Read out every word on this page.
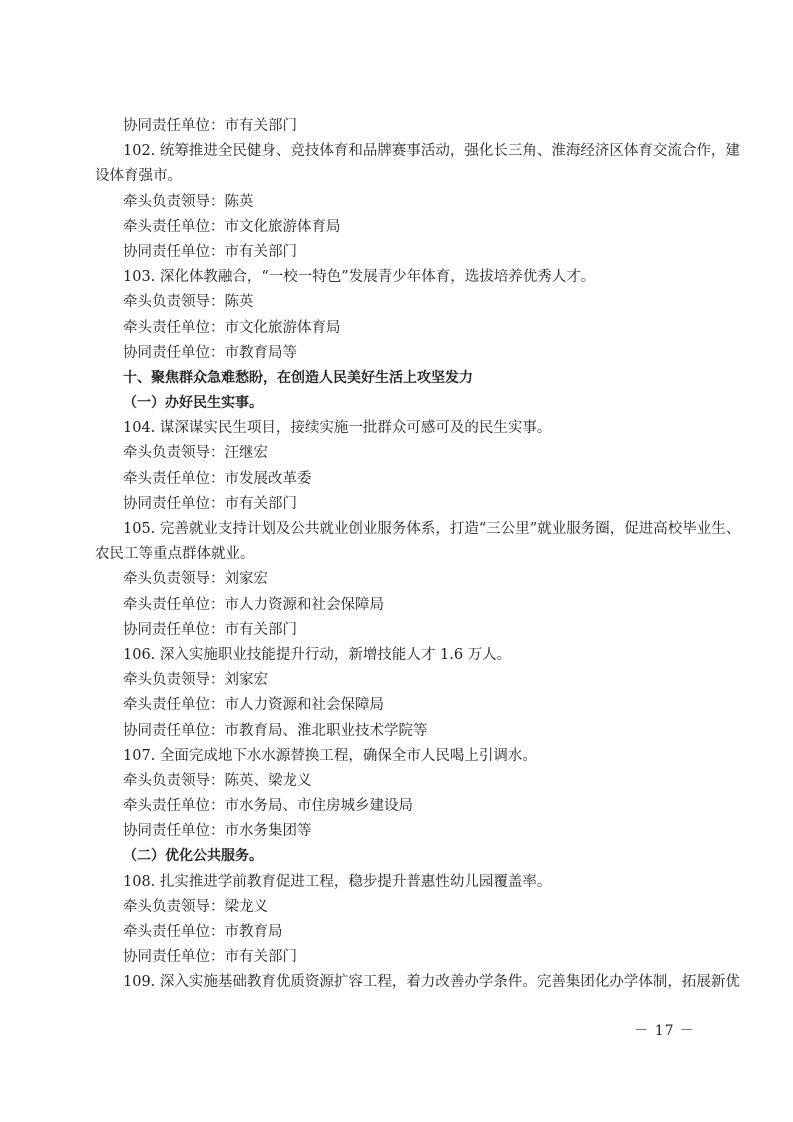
协同责任单位：市有关部门
102. 统筹推进全民健身、竞技体育和品牌赛事活动，强化长三角、淮海经济区体育交流合作，建
设体育强市。
牵头负责领导：陈英
牵头责任单位：市文化旅游体育局
协同责任单位：市有关部门
103. 深化体教融合，“一校一特色”发展青少年体育，选拔培养优秀人才。
牵头负责领导：陈英
牵头责任单位：市文化旅游体育局
协同责任单位：市教育局等
十、聚焦群众急难愁盼，在创造人民美好生活上攻坚发力
（一）办好民生实事。
104. 谋深谋实民生项目，接续实施一批群众可感可及的民生实事。
牵头负责领导：汪继宏
牵头责任单位：市发展改革委
协同责任单位：市有关部门
105. 完善就业支持计划及公共就业创业服务体系，打造“三公里”就业服务圈，促进高校毕业生、
农民工等重点群体就业。
牵头负责领导：刘家宏
牵头责任单位：市人力资源和社会保障局
协同责任单位：市有关部门
106. 深入实施职业技能提升行动，新增技能人才 1.6 万人。
牵头负责领导：刘家宏
牵头责任单位：市人力资源和社会保障局
协同责任单位：市教育局、淮北职业技术学院等
107. 全面完成地下水水源替换工程，确保全市人民喝上引调水。
牵头负责领导：陈英、梁龙义
牵头责任单位：市水务局、市住房城乡建设局
协同责任单位：市水务集团等
（二）优化公共服务。
108. 扎实推进学前教育促进工程，稳步提升普惠性幼儿园覆盖率。
牵头负责领导：梁龙义
牵头责任单位：市教育局
协同责任单位：市有关部门
109. 深入实施基础教育优质资源扩容工程，着力改善办学条件。完善集团化办学体制，拓展新优
－ 17 －
